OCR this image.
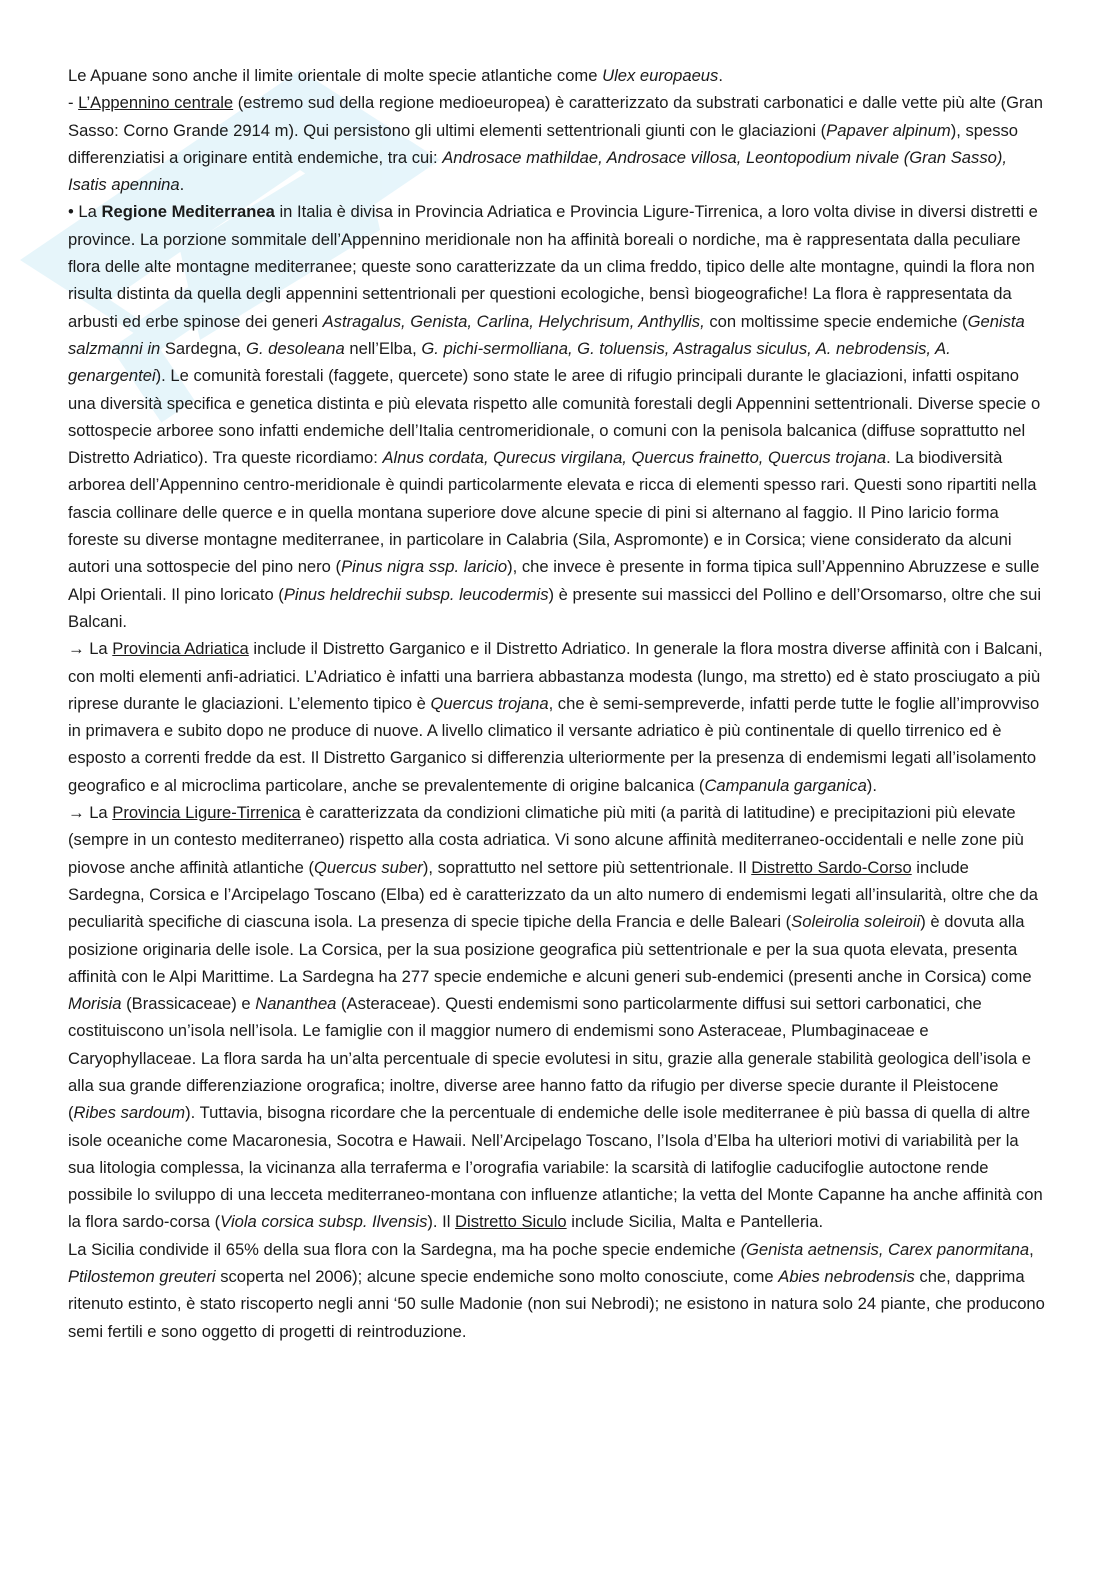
Le Apuane sono anche il limite orientale di molte specie atlantiche come Ulex europaeus.

- L’Appennino centrale (estremo sud della regione medioeuropea) è caratterizzato da substrati carbonatici e dalle vette più alte (Gran Sasso: Corno Grande 2914 m). Qui persistono gli ultimi elementi settentrionali giunti con le glaciazioni (Papaver alpinum), spesso differenziatisi a originare entità endemiche, tra cui: Androsace mathildae, Androsace villosa, Leontopodium nivale (Gran Sasso), Isatis apennina.

• La Regione Mediterranea in Italia è divisa in Provincia Adriatica e Provincia Ligure-Tirrenica, a loro volta divise in diversi distretti e province. La porzione sommitale dell’Appennino meridionale non ha affinità boreali o nordiche, ma è rappresentata dalla peculiare flora delle alte montagne mediterranee; queste sono caratterizzate da un clima freddo, tipico delle alte montagne, quindi la flora non risulta distinta da quella degli appennini settentrionali per questioni ecologiche, bensì biogeografiche! La flora è rappresentata da arbusti ed erbe spinose dei generi Astragalus, Genista, Carlina, Helychrisum, Anthyllis, con moltissime specie endemiche (Genista salzmanni in Sardegna, G. desoleana nell’Elba, G. pichi-sermolliana, G. toluensis, Astragalus siculus, A. nebrodensis, A. genargentei). Le comunità forestali (faggete, quercete) sono state le aree di rifugio principali durante le glaciazioni, infatti ospitano una diversità specifica e genetica distinta e più elevata rispetto alle comunità forestali degli Appennini settentrionali. Diverse specie o sottospecie arboree sono infatti endemiche dell’Italia centromeridionale, o comuni con la penisola balcanica (diffuse soprattutto nel Distretto Adriatico). Tra queste ricordiamo: Alnus cordata, Qurecus virgilana, Quercus frainetto, Quercus trojana. La biodiversità arborea dell’Appennino centro-meridionale è quindi particolarmente elevata e ricca di elementi spesso rari. Questi sono ripartiti nella fascia collinare delle querce e in quella montana superiore dove alcune specie di pini si alternano al faggio. Il Pino laricio forma foreste su diverse montagne mediterranee, in particolare in Calabria (Sila, Aspromonte) e in Corsica; viene considerato da alcuni autori una sottospecie del pino nero (Pinus nigra ssp. laricio), che invece è presente in forma tipica sull’Appennino Abruzzese e sulle Alpi Orientali. Il pino loricato (Pinus heldrechii subsp. leucodermis) è presente sui massicci del Pollino e dell’Orsomarso, oltre che sui Balcani.

→ La Provincia Adriatica include il Distretto Garganico e il Distretto Adriatico. In generale la flora mostra diverse affinità con i Balcani, con molti elementi anfi-adriatici. L’Adriatico è infatti una barriera abbastanza modesta (lungo, ma stretto) ed è stato prosciugato a più riprese durante le glaciazioni. L’elemento tipico è Quercus trojana, che è semi-sempreverde, infatti perde tutte le foglie all’improvviso in primavera e subito dopo ne produce di nuove. A livello climatico il versante adriatico è più continentale di quello tirrenico ed è esposto a correnti fredde da est. Il Distretto Garganico si differenzia ulteriormente per la presenza di endemismi legati all’isolamento geografico e al microclima particolare, anche se prevalentemente di origine balcanica (Campanula garganica).

→ La Provincia Ligure-Tirrenica è caratterizzata da condizioni climatiche più miti (a parità di latitudine) e precipitazioni più elevate (sempre in un contesto mediterraneo) rispetto alla costa adriatica. Vi sono alcune affinità mediterraneo-occidentali e nelle zone più piovose anche affinità atlantiche (Quercus suber), soprattutto nel settore più settentrionale. Il Distretto Sardo-Corso include Sardegna, Corsica e l’Arcipelago Toscano (Elba) ed è caratterizzato da un alto numero di endemismi legati all’insularità, oltre che da peculiarità specifiche di ciascuna isola. La presenza di specie tipiche della Francia e delle Baleari (Soleirolia soleiroii) è dovuta alla posizione originaria delle isole. La Corsica, per la sua posizione geografica più settentrionale e per la sua quota elevata, presenta affinità con le Alpi Marittime. La Sardegna ha 277 specie endemiche e alcuni generi sub-endemici (presenti anche in Corsica) come Morisia (Brassicaceae) e Nananthea (Asteraceae). Questi endemismi sono particolarmente diffusi sui settori carbonatici, che costituiscono un’isola nell’isola. Le famiglie con il maggior numero di endemismi sono Asteraceae, Plumbaginaceae e Caryophyllaceae. La flora sarda ha un’alta percentuale di specie evolutesi in situ, grazie alla generale stabilità geologica dell’isola e alla sua grande differenziazione orografica; inoltre, diverse aree hanno fatto da rifugio per diverse specie durante il Pleistocene (Ribes sardoum). Tuttavia, bisogna ricordare che la percentuale di endemiche delle isole mediterranee è più bassa di quella di altre isole oceaniche come Macaronesia, Socotra e Hawaii. Nell’Arcipelago Toscano, l’Isola d’Elba ha ulteriori motivi di variabilità per la sua litologia complessa, la vicinanza alla terraferma e l’orografia variabile: la scarsità di latifoglie caducifoglie autoctone rende possibile lo sviluppo di una lecceta mediterraneo-montana con influenze atlantiche; la vetta del Monte Capanne ha anche affinità con la flora sardo-corsa (Viola corsica subsp. Ilvensis). Il Distretto Siculo include Sicilia, Malta e Pantelleria.

La Sicilia condivide il 65% della sua flora con la Sardegna, ma ha poche specie endemiche (Genista aetnensis, Carex panormitana, Ptilostemon greuteri scoperta nel 2006); alcune specie endemiche sono molto conosciute, come Abies nebrodensis che, dapprima ritenuto estinto, è stato riscoperto negli anni ‘50 sulle Madonie (non sui Nebrodi); ne esistono in natura solo 24 piante, che producono semi fertili e sono oggetto di progetti di reintroduzione.
